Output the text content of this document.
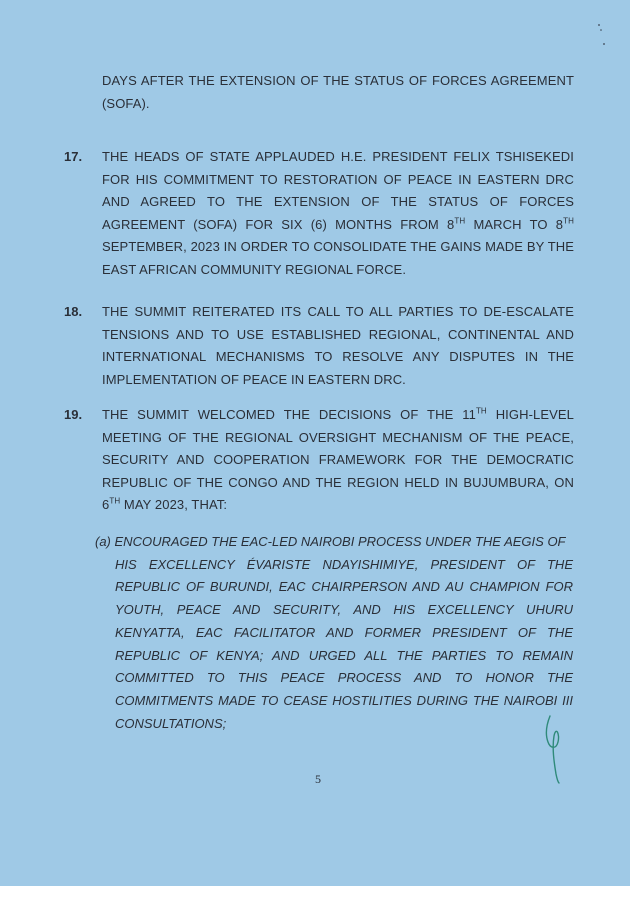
DAYS AFTER THE EXTENSION OF THE STATUS OF FORCES AGREEMENT (SOFA).
17. THE HEADS OF STATE APPLAUDED H.E. PRESIDENT FELIX TSHISEKEDI FOR HIS COMMITMENT TO RESTORATION OF PEACE IN EASTERN DRC AND AGREED TO THE EXTENSION OF THE STATUS OF FORCES AGREEMENT (SOFA) FOR SIX (6) MONTHS FROM 8TH MARCH TO 8TH SEPTEMBER, 2023 IN ORDER TO CONSOLIDATE THE GAINS MADE BY THE EAST AFRICAN COMMUNITY REGIONAL FORCE.
18. THE SUMMIT REITERATED ITS CALL TO ALL PARTIES TO DE-ESCALATE TENSIONS AND TO USE ESTABLISHED REGIONAL, CONTINENTAL AND INTERNATIONAL MECHANISMS TO RESOLVE ANY DISPUTES IN THE IMPLEMENTATION OF PEACE IN EASTERN DRC.
19. THE SUMMIT WELCOMED THE DECISIONS OF THE 11TH HIGH-LEVEL MEETING OF THE REGIONAL OVERSIGHT MECHANISM OF THE PEACE, SECURITY AND COOPERATION FRAMEWORK FOR THE DEMOCRATIC REPUBLIC OF THE CONGO AND THE REGION HELD IN BUJUMBURA, ON 6TH MAY 2023, THAT:
(a) ENCOURAGED THE EAC-LED NAIROBI PROCESS UNDER THE AEGIS OF
HIS EXCELLENCY ÉVARISTE NDAYISHIMIYE, PRESIDENT OF THE REPUBLIC OF BURUNDI, EAC CHAIRPERSON AND AU CHAMPION FOR YOUTH, PEACE AND SECURITY, AND HIS EXCELLENCY UHURU KENYATTA, EAC FACILITATOR AND FORMER PRESIDENT OF THE REPUBLIC OF KENYA; AND URGED ALL THE PARTIES TO REMAIN COMMITTED TO THIS PEACE PROCESS AND TO HONOR THE COMMITMENTS MADE TO CEASE HOSTILITIES DURING THE NAIROBI III CONSULTATIONS;
5
